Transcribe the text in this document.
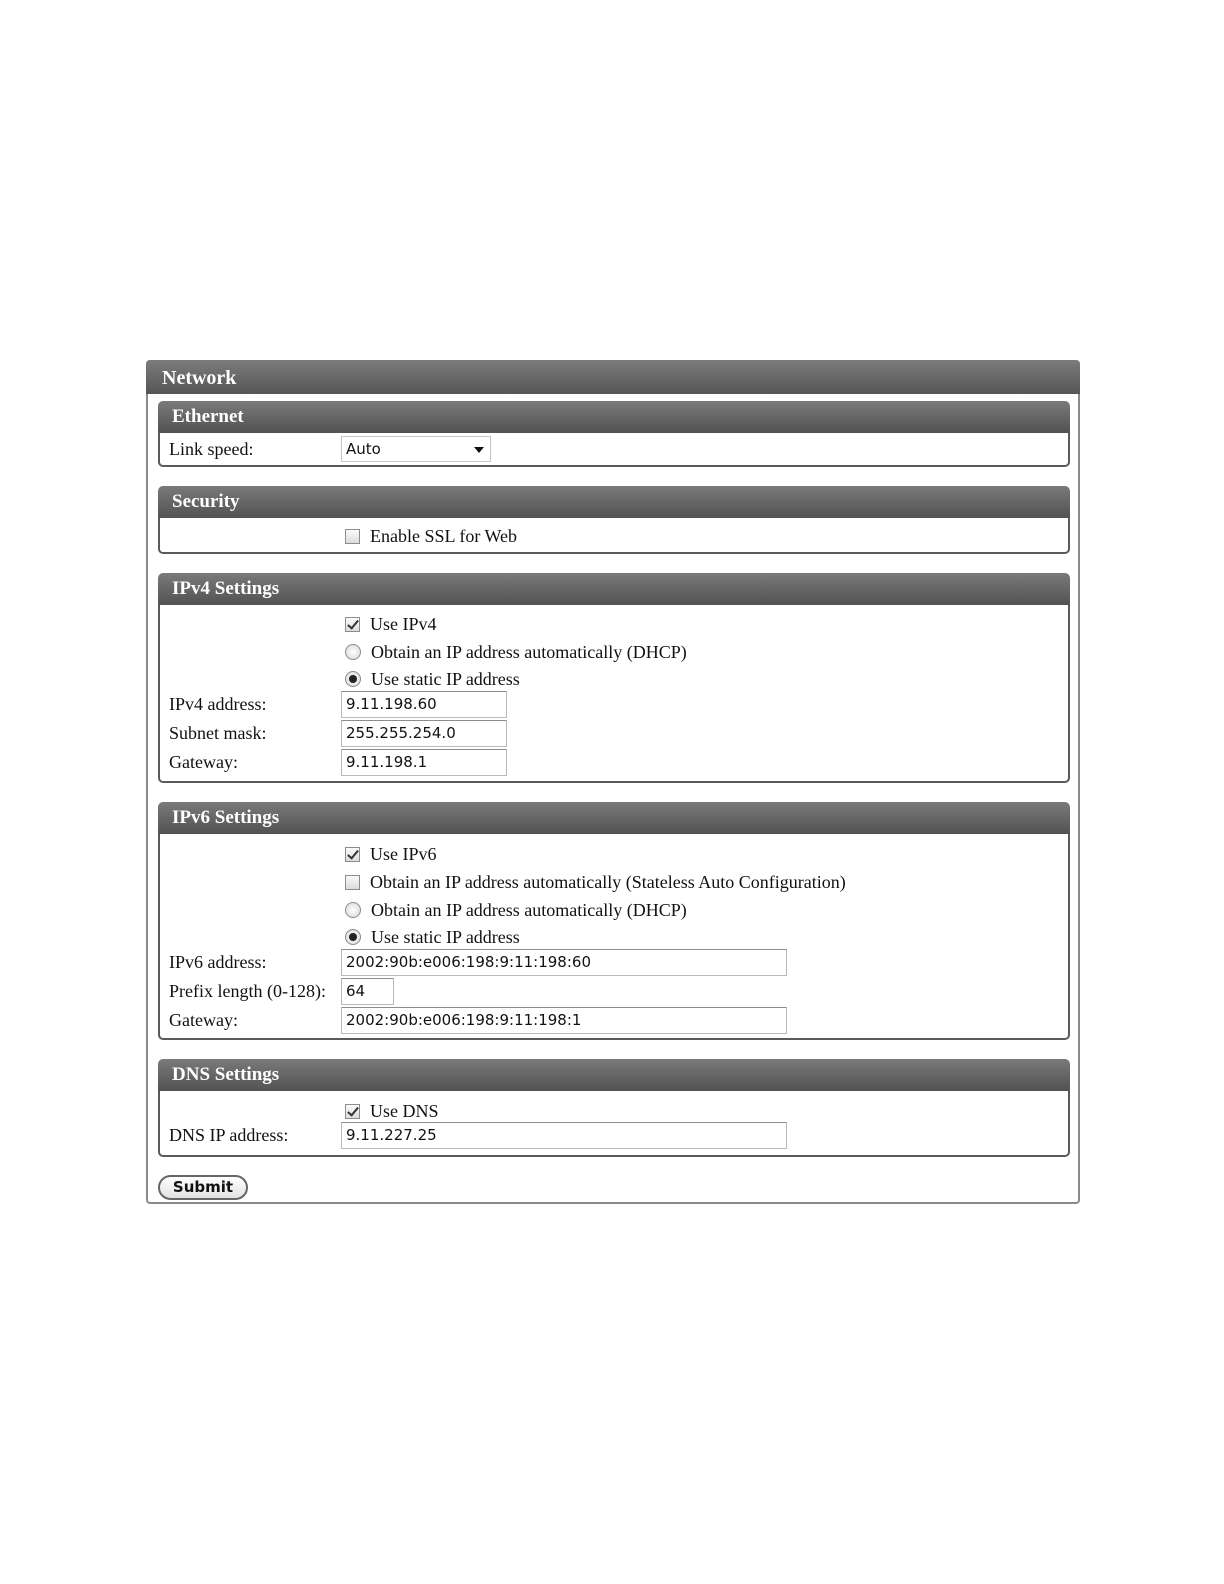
Network
Ethernet
Link speed:	Auto
Security
Enable SSL for Web
IPv4 Settings
Use IPv4
Obtain an IP address automatically (DHCP)
Use static IP address
IPv4 address:	9.11.198.60
Subnet mask:	255.255.254.0
Gateway:	9.11.198.1
IPv6 Settings
Use IPv6
Obtain an IP address automatically (Stateless Auto Configuration)
Obtain an IP address automatically (DHCP)
Use static IP address
IPv6 address:	2002:90b:e006:198:9:11:198:60
Prefix length (0-128):	64
Gateway:	2002:90b:e006:198:9:11:198:1
DNS Settings
Use DNS
DNS IP address:	9.11.227.25
Submit
